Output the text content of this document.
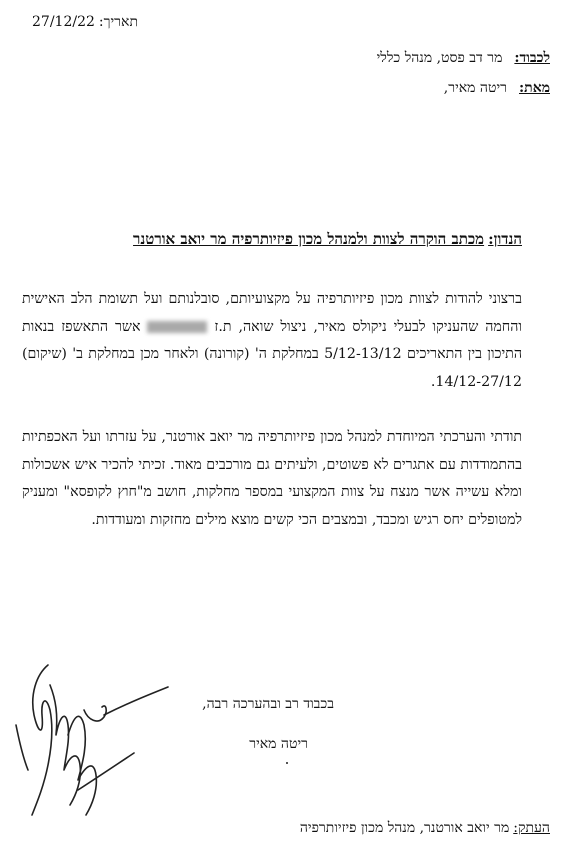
תאריך:27/12/22
לכבוד:מר דב פסט, מנהל כללי
מאת:ריטה מאיר,
הנדון:מכתב הוקרה לצוות ולמנהל מכון פיזיותרפיה מר יואב אורטנר
ברצוני להודות לצוות מכון פיזיותרפיה על מקצועיותם, סובלנותם ועל תשומת הלב האישית והחמה שהעניקו לבעלי ניקולס מאיר, ניצול שואה, ת.ז  אשר התאשפז בנאות התיכון בין התאריכים 5/12-13/12 במחלקת ה' (קורונה) ולאחר מכן במחלקת ב' (שיקום) 14/12-27/12.
תודתי והערכתי המיוחדת למנהל מכון פיזיותרפיה מר יואב אורטנר, על עזרתו ועל האכפתיות בהתמודדות עם אתגרים לא פשוטים, ולעיתים גם מורכבים מאוד. זכיתי להכיר איש אשכולות ומלא עשייה אשר מנצח על צוות המקצועי במספר מחלקות, חושב מ"חוץ לקופסא" ומעניק למטופלים יחס רגיש ומכבד, ובמצבים הכי קשים מוצא מילים מחזקות ומעודדות.
בכבוד רב ובהערכה רבה,
ריטה מאיר
העתק:מר יואב אורטנר, מנהל מכון פיזיותרפיה
